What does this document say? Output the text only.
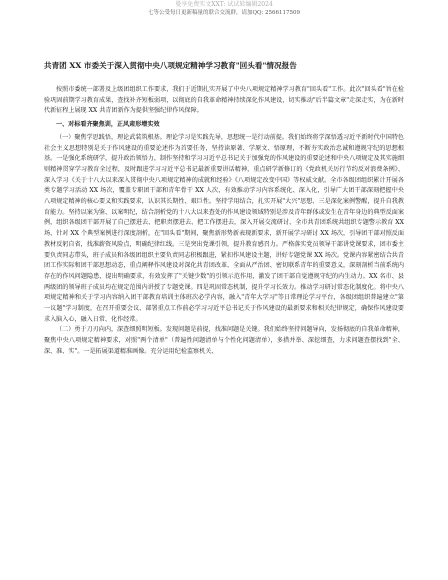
曼享免费实文XXT: 试试转编辑2024
七等公受每日更新稿量的联合交流群，请加QQ: 2566117509
共青团 XX 市委关于深入贯彻中央八项规定精神学习教育"回头看"情况报告

按照市委统一部署及上级团组织工作要求，我们于近期扎实开展了中央八项规定精神学习教育"回头看"工作。此次"回头看"旨在检验巩固前期学习教育成果，查找补齐短板弱项，以彻底的自我革命精神持续深化作风建设，切实推动"后半篇文章"走深走实，为在新时代新征程上展现 XX 共青团新作为提供坚强纪律作风保障。

一、对标看齐聚焦训，正风肃形增实效

（一）聚焦学思践悟，理论武装筑根基。理论学习是实践先导，思想统一是行动前提。我们始终将学深悟透习近平新时代中国特色社会主义思想特别是关于作风建设的重要论述作为首要任务，坚持读原著、学原文、悟原理，不断夯实政治忠诚和遵规守纪的思想根基。一是强化系统研学，提升政治领悟力，制作坚持和学习习近平总书记关于加强党的作风建设的重要论述和中央八项规定及其实施细则精神贯穿学习教育全过程，及时跟进学习习近平总书记最新重要讲话精神，重点研学新修订的《党政机关厉行节约反对浪费条例》、深入学习《关于十八大以来深入贯彻中央八项规定精神的成就和经验》《八项规定改变中国》等权威文献。全市各级团组织累计开展各类专题学习活动 XX 场次，覆盖专职团干部和青年骨干 XX 人次，有效推动学习内容系统化、深入化，引导广大团干部深刻把握中央八项规定精神的核心要义和实践要求，认识其长期性、艰巨性。坚持学用结合，扎实开展"大兴"思想、三是深化案例警醒，提升自我教育能力。坚持以案为鉴、以案明纪，结合剖析党的十八大以来查处的作风建设领域特别是涉及青年群体或发生在青年身边的典型反面案例，组织各级团干部开展了自己摆进去、把职责摆进去、把工作摆进去，深入开展交流研讨，全市共青团系统共组织专题警示教育 XX 场，针对 XX 个典型案例进行深度剖析，在"回头看"期间，聚焦新形势新表现新要求，新开展学习研讨 XX 场次，引导团干部对照反面教材反躬自省，找准薪资风险点，明确纪律红线。三是突出党课引领，提升教育感召力。严格落实党员领导干部讲党课要求，团市委主要负责同志带头，班子成员和各级团组织主要负责同志积极跟进，紧扣作风建设主题，讲好专题党课 XX 场次。党课内容紧密结合共青团工作实际和团干部思想动态，重点阐释作风建设对深化共青团改革、全面从严治团、密切联系青年的重要意义，深刻剖析当前系统内存在的作风问题隐患，提出明确要求，有效发挥了"关键少数"的引领示范作用，激发了团干部自觉遵规守纪的内生动力。XX 名市、县两级团的领导班子成员均在规定范围内讲授了专题党课。四是巩固常态机制，提升学习长效力。推动学习研讨常态化制度化。将中央八项规定精神和关于学习内容纳入团干部教育培训主体班次必学内容，融入"青年大学习"等日常理论学习平台，各级团组织普遍建立"第一议题"学习制度，在召开重要会议、部署重点工作前必学习习近平总书记关于作风建设的最新要求和相关纪律规定，确保作风建设要求入脑入心，融入日常、化作经常。

（二）勇于刀刃向内，深查细照明短板。发现问题是前提，找准问题是关键。我们始终坚持问题导向，发扬彻底的自我革命精神，聚焦中央八项规定精神要求，对照"两个清单"（普遍性问题清单与个性化问题清单），多措并举、深挖细查，力求问题查摆找到"全、深、准、实"。一是拓展渠道精准画像。充分运用纪检监察机关、
